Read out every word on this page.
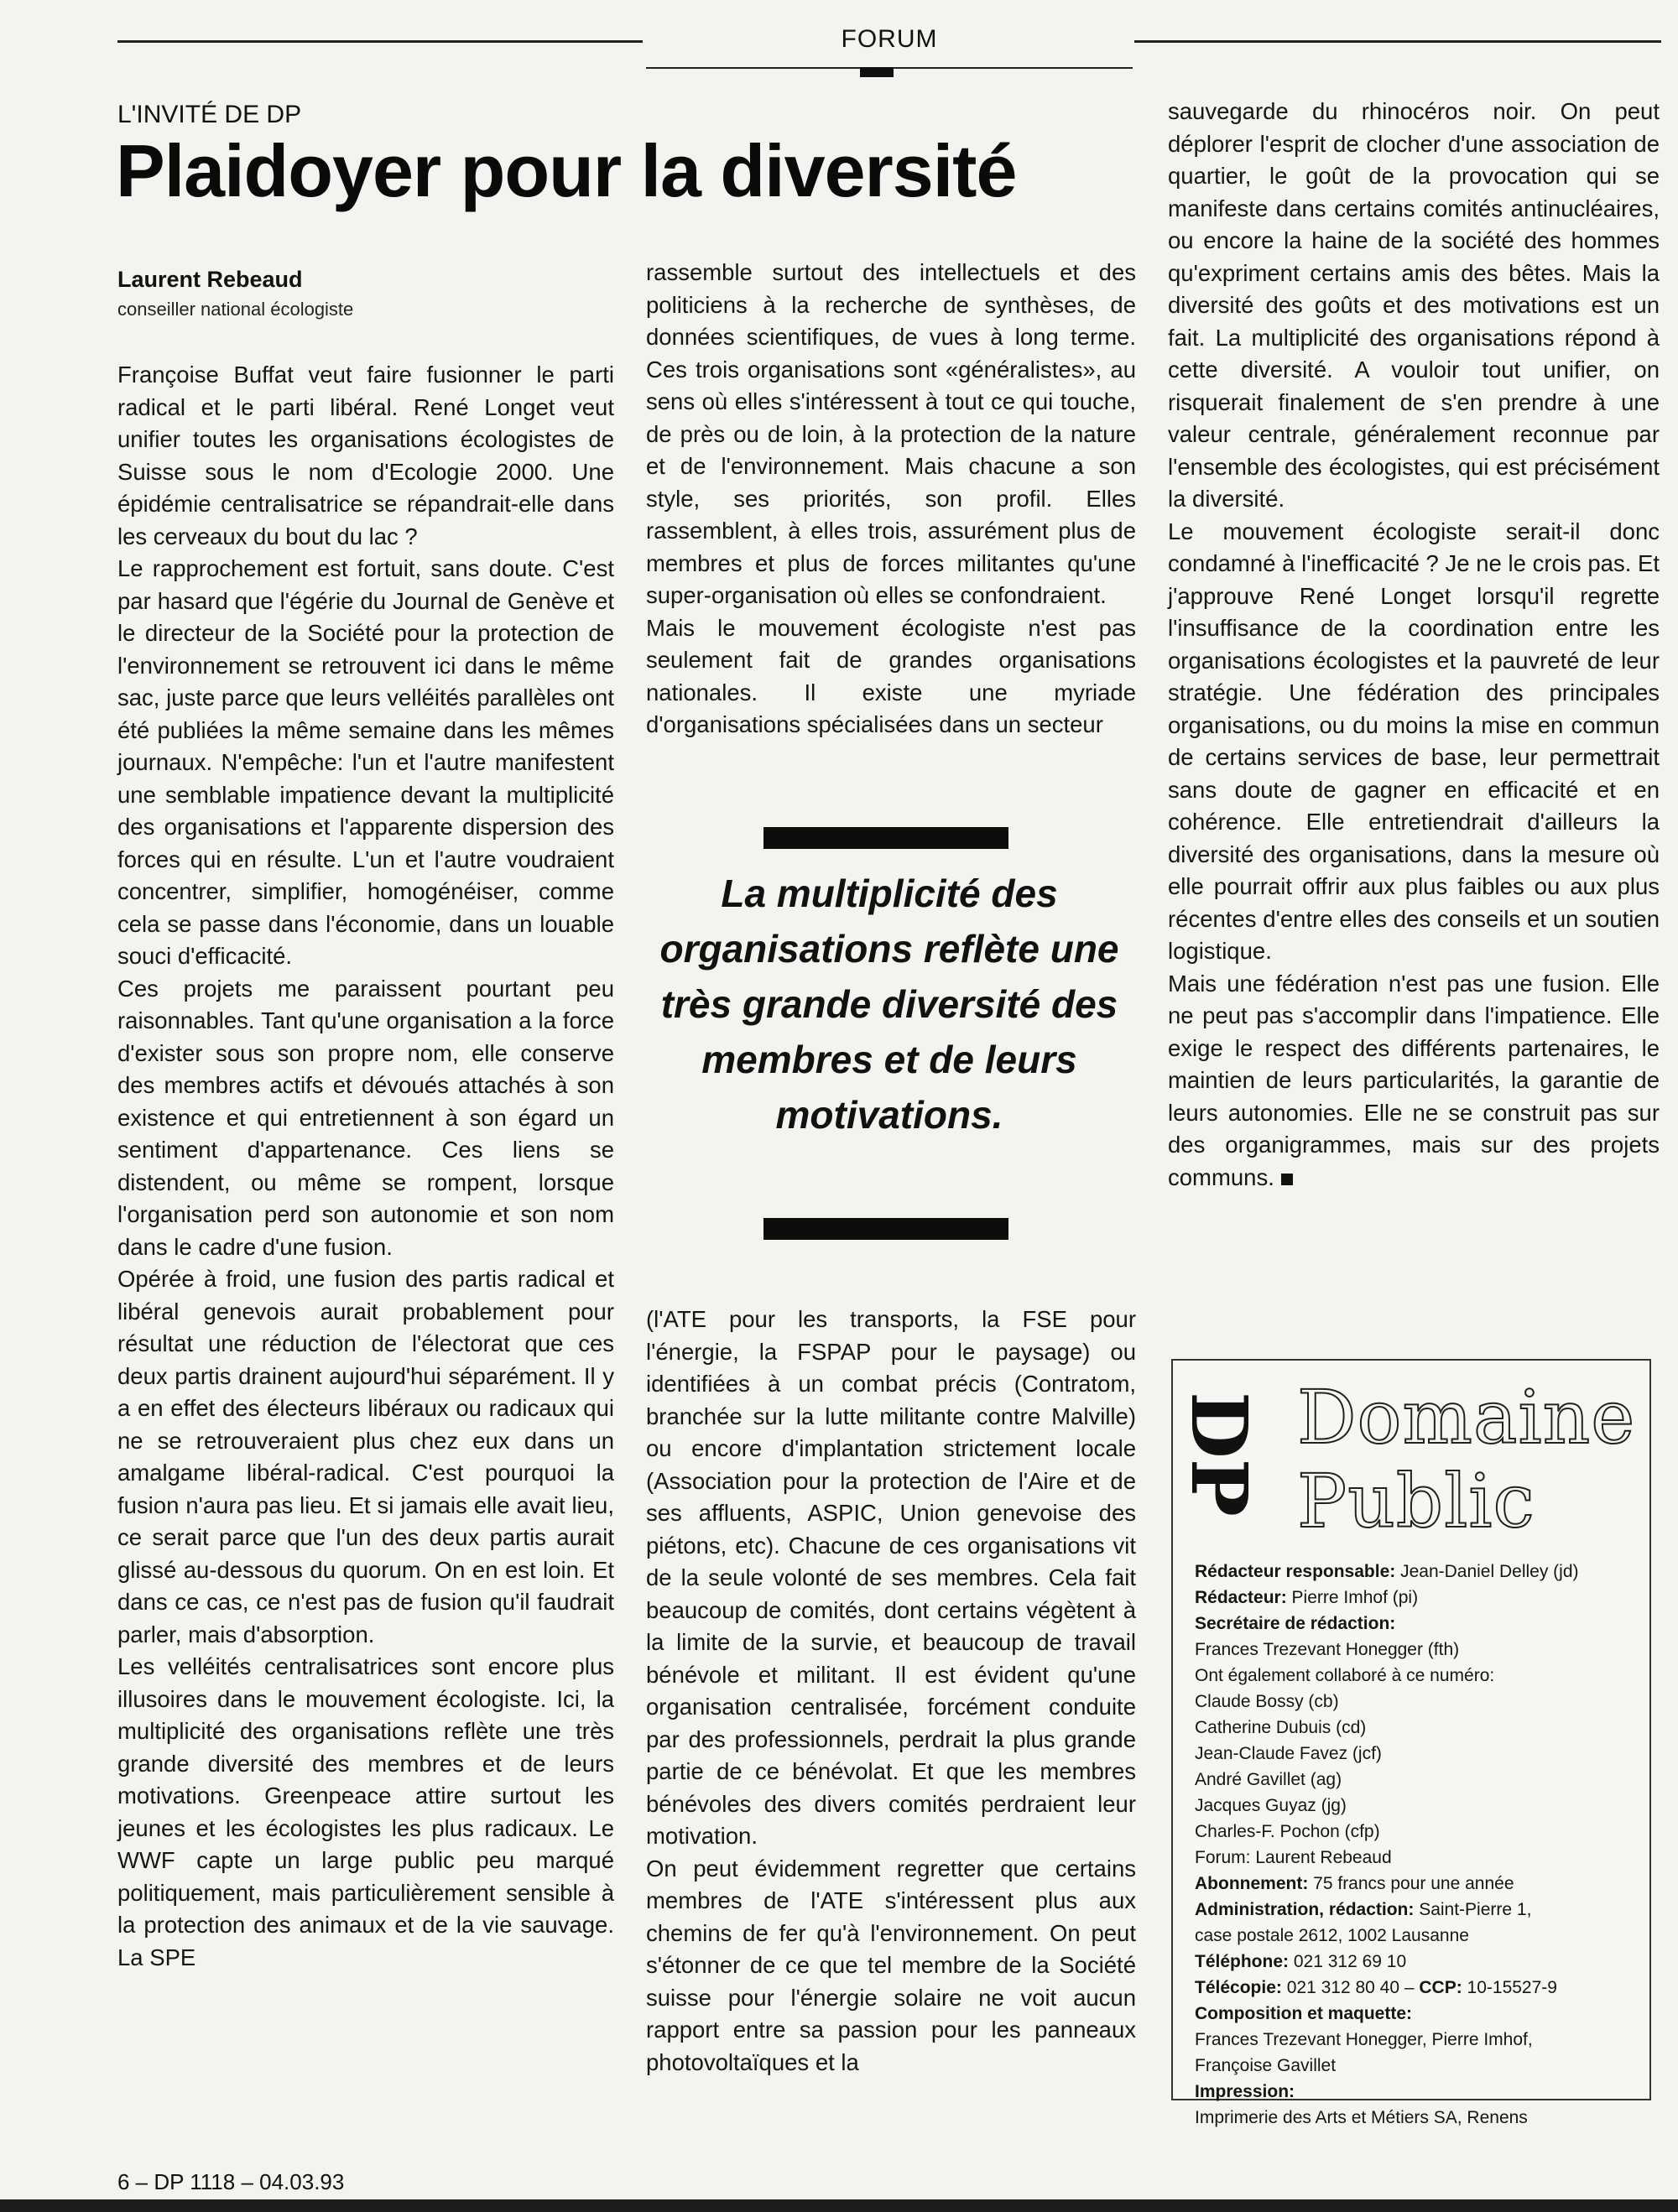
FORUM
L'INVITÉ DE DP
Plaidoyer pour la diversité
Laurent Rebeaud
conseiller national écologiste

Françoise Buffat veut faire fusionner le parti radical et le parti libéral. René Longet veut unifier toutes les organisations écologistes de Suisse sous le nom d'Ecologie 2000. Une épidémie centralisatrice se répandrait-elle dans les cerveaux du bout du lac ?

Le rapprochement est fortuit, sans doute. C'est par hasard que l'égérie du Journal de Genève et le directeur de la Société pour la protection de l'environnement se retrouvent ici dans le même sac, juste parce que leurs velléités parallèles ont été publiées la même semaine dans les mêmes journaux. N'empêche: l'un et l'autre manifestent une semblable impatience devant la multiplicité des organisations et l'apparente dispersion des forces qui en résulte. L'un et l'autre voudraient concentrer, simplifier, homogénéiser, comme cela se passe dans l'économie, dans un louable souci d'efficacité.

Ces projets me paraissent pourtant peu raisonnables. Tant qu'une organisation a la force d'exister sous son propre nom, elle conserve des membres actifs et dévoués attachés à son existence et qui entretiennent à son égard un sentiment d'appartenance. Ces liens se distendent, ou même se rompent, lorsque l'organisation perd son autonomie et son nom dans le cadre d'une fusion.

Opérée à froid, une fusion des partis radical et libéral genevois aurait probablement pour résultat une réduction de l'électorat que ces deux partis drainent aujourd'hui séparément. Il y a en effet des électeurs libéraux ou radicaux qui ne se retrouveraient plus chez eux dans un amalgame libéral-radical. C'est pourquoi la fusion n'aura pas lieu. Et si jamais elle avait lieu, ce serait parce que l'un des deux partis aurait glissé au-dessous du quorum. On en est loin. Et dans ce cas, ce n'est pas de fusion qu'il faudrait parler, mais d'absorption.

Les velléités centralisatrices sont encore plus illusoires dans le mouvement écologiste. Ici, la multiplicité des organisations reflète une très grande diversité des membres et de leurs motivations. Greenpeace attire surtout les jeunes et les écologistes les plus radicaux. Le WWF capte un large public peu marqué politiquement, mais particulièrement sensible à la protection des animaux et de la vie sauvage. La SPE

rassemble surtout des intellectuels et des politiciens à la recherche de synthèses, de données scientifiques, de vues à long terme. Ces trois organisations sont «généralistes», au sens où elles s'intéressent à tout ce qui touche, de près ou de loin, à la protection de la nature et de l'environnement. Mais chacune a son style, ses priorités, son profil. Elles rassemblent, à elles trois, assurément plus de membres et plus de forces militantes qu'une super-organisation où elles se confondraient.

Mais le mouvement écologiste n'est pas seulement fait de grandes organisations nationales. Il existe une myriade d'organisations spécialisées dans un secteur

La multiplicité des organisations reflète une très grande diversité des membres et de leurs motivations.

(l'ATE pour les transports, la FSE pour l'énergie, la FSPAP pour le paysage) ou identifiées à un combat précis (Contratom, branchée sur la lutte militante contre Malville) ou encore d'implantation strictement locale (Association pour la protection de l'Aire et de ses affluents, ASPIC, Union genevoise des piétons, etc). Chacune de ces organisations vit de la seule volonté de ses membres. Cela fait beaucoup de comités, dont certains végètent à la limite de la survie, et beaucoup de travail bénévole et militant. Il est évident qu'une organisation centralisée, forcément conduite par des professionnels, perdrait la plus grande partie de ce bénévolat. Et que les membres bénévoles des divers comités perdraient leur motivation.

On peut évidemment regretter que certains membres de l'ATE s'intéressent plus aux chemins de fer qu'à l'environnement. On peut s'étonner de ce que tel membre de la Société suisse pour l'énergie solaire ne voit aucun rapport entre sa passion pour les panneaux photovoltaïques et la

sauvegarde du rhinocéros noir. On peut déplorer l'esprit de clocher d'une association de quartier, le goût de la provocation qui se manifeste dans certains comités antinucléaires, ou encore la haine de la société des hommes qu'expriment certains amis des bêtes. Mais la diversité des goûts et des motivations est un fait. La multiplicité des organisations répond à cette diversité. A vouloir tout unifier, on risquerait finalement de s'en prendre à une valeur centrale, généralement reconnue par l'ensemble des écologistes, qui est précisément la diversité.

Le mouvement écologiste serait-il donc condamné à l'inefficacité ? Je ne le crois pas. Et j'approuve René Longet lorsqu'il regrette l'insuffisance de la coordination entre les organisations écologistes et la pauvreté de leur stratégie. Une fédération des principales organisations, ou du moins la mise en commun de certains services de base, leur permettrait sans doute de gagner en efficacité et en cohérence. Elle entretiendrait d'ailleurs la diversité des organisations, dans la mesure où elle pourrait offrir aux plus faibles ou aux plus récentes d'entre elles des conseils et un soutien logistique.

Mais une fédération n'est pas une fusion. Elle ne peut pas s'accomplir dans l'impatience. Elle exige le respect des différents partenaires, le maintien de leurs particularités, la garantie de leurs autonomies. Elle ne se construit pas sur des organigrammes, mais sur des projets communs.

DP Domaine
Public
Rédacteur responsable: Jean-Daniel Delley (jd)
Rédacteur: Pierre Imhof (pi)
Secrétaire de rédaction:
Frances Trezevant Honegger (fth)
Ont également collaboré à ce numéro:
Claude Bossy (cb)
Catherine Dubuis (cd)
Jean-Claude Favez (jcf)
André Gavillet (ag)
Jacques Guyaz (jg)
Charles-F. Pochon (cfp)
Forum: Laurent Rebeaud
Abonnement: 75 francs pour une année
Administration, rédaction: Saint-Pierre 1,
case postale 2612, 1002 Lausanne
Téléphone: 021 312 69 10
Télécopie: 021 312 80 40 – CCP: 10-15527-9
Composition et maquette:
Frances Trezevant Honegger, Pierre Imhof,
Françoise Gavillet
Impression:
Imprimerie des Arts et Métiers SA, Renens
6 – DP 1118 – 04.03.93
